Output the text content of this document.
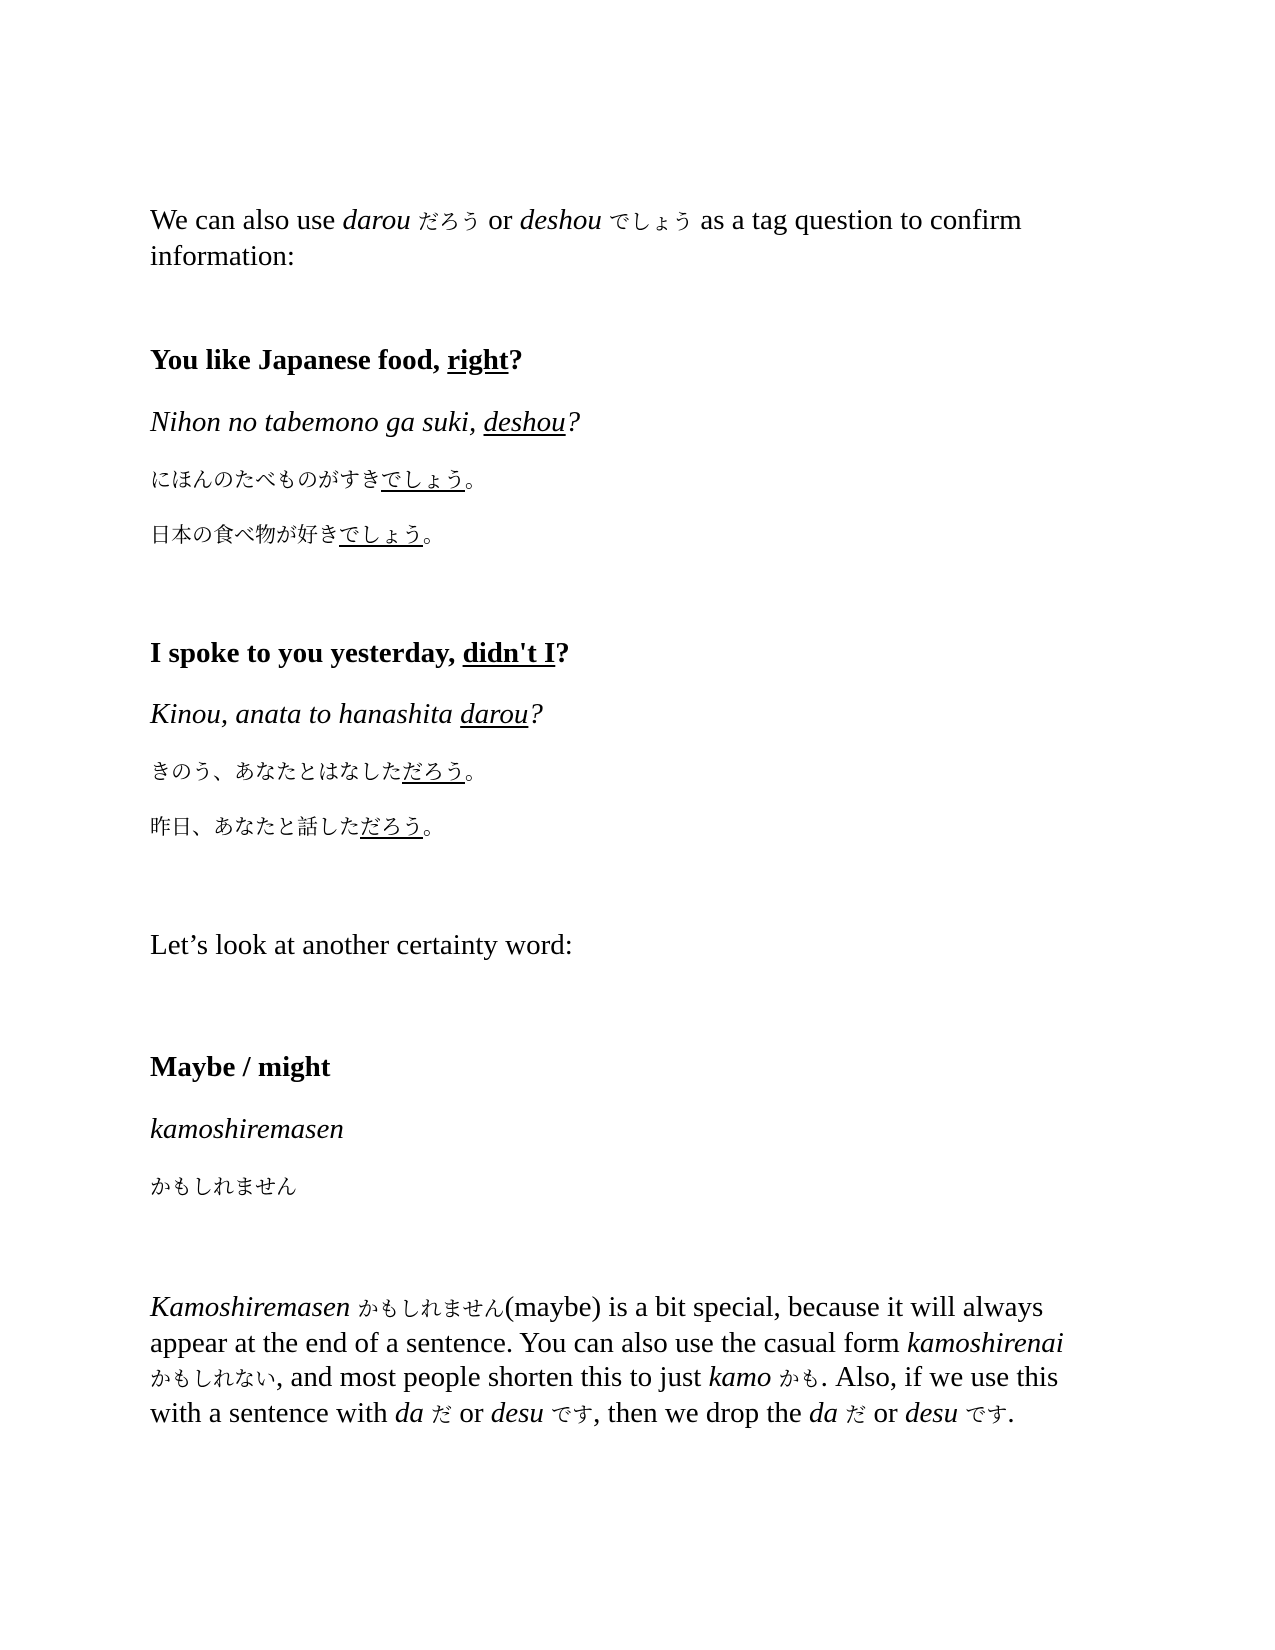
We can also use darou だろう or deshou でしょう as a tag question to confirm
information:
You like Japanese food, right?
Nihon no tabemono ga suki, deshou?
にほんのたべものがすきでしょう。
日本の食べ物が好きでしょう。
I spoke to you yesterday, didn't I?
Kinou, anata to hanashita darou?
きのう、あなたとはなしただろう。
昨日、あなたと話しただろう。
Let’s look at another certainty word:
Maybe / might
kamoshiremasen
かもしれません
Kamoshiremasen かもしれません(maybe) is a bit special, because it will always
appear at the end of a sentence. You can also use the casual form kamoshirenai
かもしれない, and most people shorten this to just kamo かも. Also, if we use this
with a sentence with da だ or desu です, then we drop the da だ or desu です.
